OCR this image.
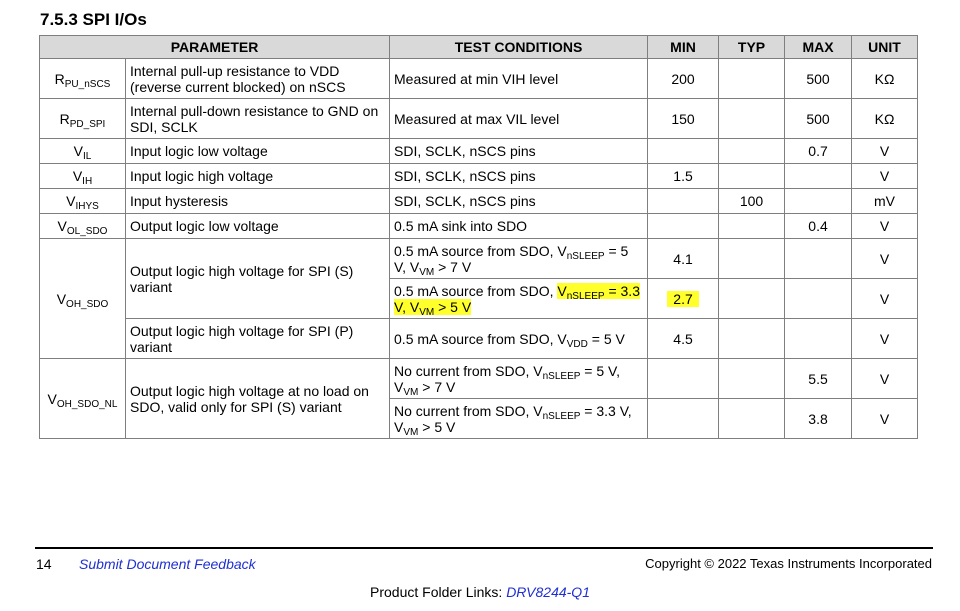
7.5.3 SPI I/Os
PARAMETER		TEST CONDITIONS	MIN	TYP	MAX	UNIT
$R_{PU\_nSCS}$	Internal pull-up resistance to VDD (reverse current blocked) on nSCS	Measured at min VIH level	200		500	KΩ
$R_{PD\_SPI}$	Internal pull-down resistance to GND on SDI, SCLK	Measured at max VIL level	150		500	KΩ
$V_{IL}$	Input logic low voltage	SDI, SCLK, nSCS pins			0.7	V
$V_{IH}$	Input logic high voltage	SDI, SCLK, nSCS pins	1.5			V
$V_{IHYS}$	Input hysteresis	SDI, SCLK, nSCS pins		100		mV
$V_{OL\_SDO}$	Output logic low voltage	0.5 mA sink into SDO			0.4	V
$V_{OH\_SDO}$	Output logic high voltage for SPI (S) variant	0.5 mA source from SDO, $V_{nSLEEP} = 5$ V, $V_{VM} > 7$ V	4.1			V
		0.5 mA source from SDO, $V_{nSLEEP} = 3.3$ V, $V_{VM} > 5$ V	2.7			V
	Output logic high voltage for SPI (P) variant	0.5 mA source from SDO, $V_{VDD} = 5$ V	4.5			V
$V_{OH\_SDO\_NL}$	Output logic high voltage at no load on SDO, valid only for SPI (S) variant	No current from SDO, $V_{nSLEEP} = 5$ V, $V_{VM} > 7$ V			5.5	V
		No current from SDO, $V_{nSLEEP} = 3.3$ V, $V_{VM} > 5$ V			3.8	V
14 Submit Document Feedback	Copyright © 2022 Texas Instruments Incorporated
Product Folder Links: DRV8244-Q1
